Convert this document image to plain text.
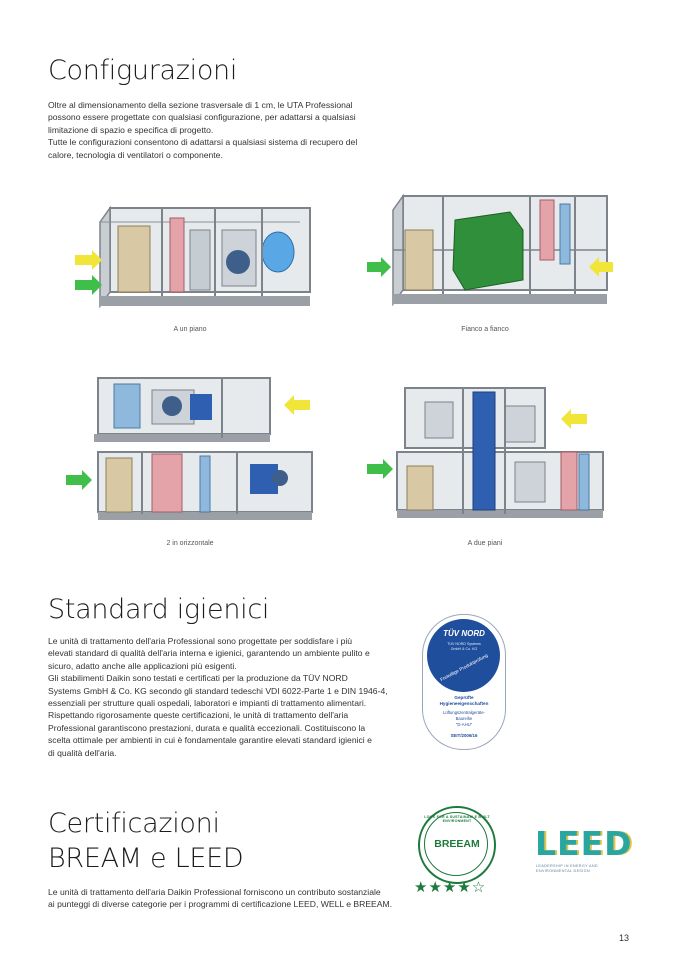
Configurazioni
Oltre al dimensionamento della sezione trasversale di 1 cm, le UTA Professional
possono essere progettate con qualsiasi configurazione, per adattarsi a qualsiasi
limitazione di spazio e specifica di progetto.
Tutte le configurazioni consentono di adattarsi a qualsiasi sistema di recupero del
calore, tecnologia di ventilatori o componente.
A un piano	Fianco a fianco
2 in orizzontale	A due piani
Standard igienici
Le unità di trattamento dell'aria Professional sono progettate per soddisfare i più
elevati standard di qualità dell'aria interna e igienici, garantendo un ambiente pulito e
sicuro, adatto anche alle applicazioni più esigenti.
Gli stabilimenti Daikin sono testati e certificati per la produzione da TÜV NORD
Systems GmbH & Co. KG secondo gli standard tedeschi VDI 6022-Parte 1 e DIN 1946-4,
essenziali per strutture quali ospedali, laboratori e impianti di trattamento alimentari.
Rispettando rigorosamente queste certificazioni, le unità di trattamento dell'aria
Professional garantiscono prestazioni, durata e qualità eccezionali. Costituiscono la
scelta ottimale per ambienti in cui è fondamentale garantire elevati standard igienici e
di qualità dell'aria.
TÜV NORD
TÜV NORD Systems
GmbH & Co. KG
Freiwillige Produktprüfung
Geprüfte
Hygieneeigenschaften
Lüftungszentralgeräte-
Baureihe
"D-AHU"
SEIT/2006/16
Certificazioni
BREAM e LEED
Le unità di trattamento dell'aria Daikin Professional forniscono un contributo sostanziale
ai punteggi di diverse categorie per i programmi di certificazione LEED, WELL e BREEAM.
LOOK FOR A SUSTAINABLE BUILT ENVIRONMENT
BREEAM
★★★★☆
LEED
LEADERSHIP IN ENERGY AND
ENVIRONMENTAL DESIGN
13
